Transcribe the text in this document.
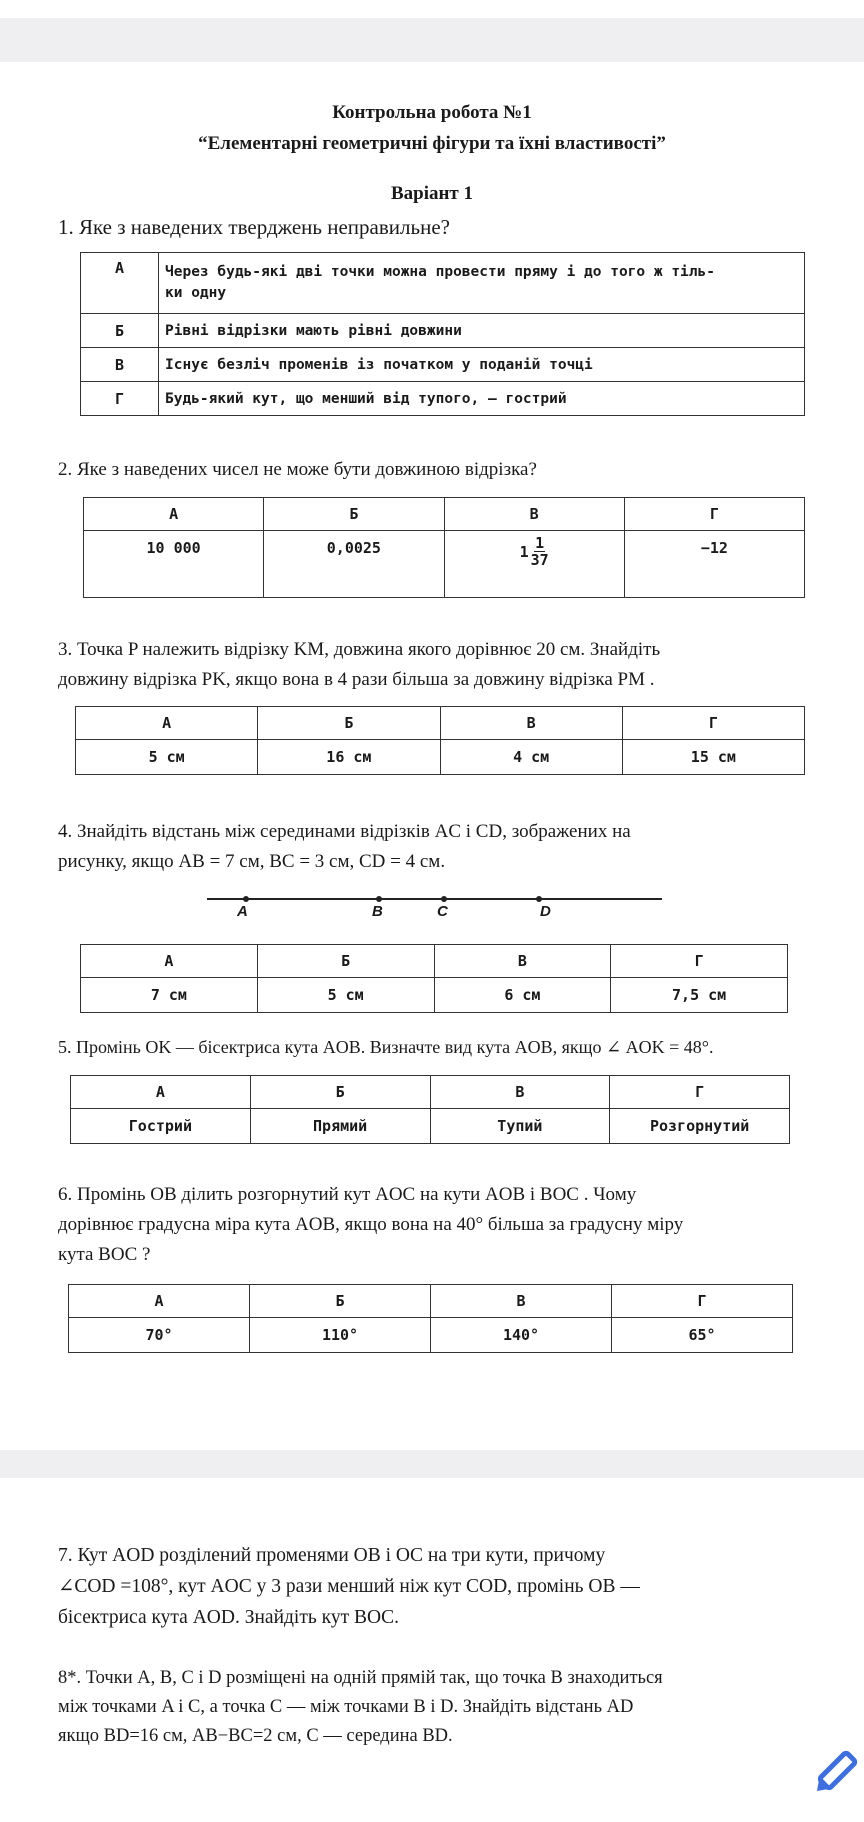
Контрольна робота №1
“Елементарні геометричні фігури та їхні властивості”
Варіант 1
1. Яке з наведених тверджень неправильне?
А	Через будь-які дві точки можна провести пряму і до того ж тіль-
ки одну

Б	Рівні відрізки мають рівні довжини
В	Існує безліч променів із початком у поданій точці
Г	Будь-який кут, що менший від тупого, — гострий
2. Яке з наведених чисел не може бути довжиною відрізка?
А	Б	В	Г
10 000	0,0025	$1 \frac{1}{37}$	−12
3. Точка P належить відрізку KM, довжина якого дорівнює 20 см. Знайдіть
довжину відрізка PK, якщо вона в 4 рази більша за довжину відрізка PM .
А	Б	В	Г
5 см	16 см	4 см	15 см
4. Знайдіть відстань між серединами відрізків AC і CD, зображених на
рисунку, якщо AB = 7 см, BC = 3 см, CD = 4 см.
A	B	C	D
А	Б	В	Г
7 см	5 см	6 см	7,5 см
5. Промінь OK — бісектриса кута AOB. Визначте вид кута AOB, якщо ∠ AOK = 48°.
А	Б	В	Г
Гострий	Прямий	Тупий	Розгорнутий
6. Промінь OB ділить розгорнутий кут AOC на кути AOB і BOC . Чому
дорівнює градусна міра кута AOB, якщо вона на 40° більша за градусну міру
кута BOC ?
А	Б	В	Г
70°	110°	140°	65°
7. Кут AOD розділений променями OB і OC на три кути, причому
∠COD =108°, кут AOC у 3 рази менший ніж кут COD, промінь OB —
бісектриса кута AOD. Знайдіть кут BOC.
8*. Точки A, B, C і D розміщені на одній прямій так, що точка B знаходиться
між точками A і C, а точка C — між точками B і D. Знайдіть відстань AD
якщо BD=16 см, AB−BC=2 см, C — середина BD.
